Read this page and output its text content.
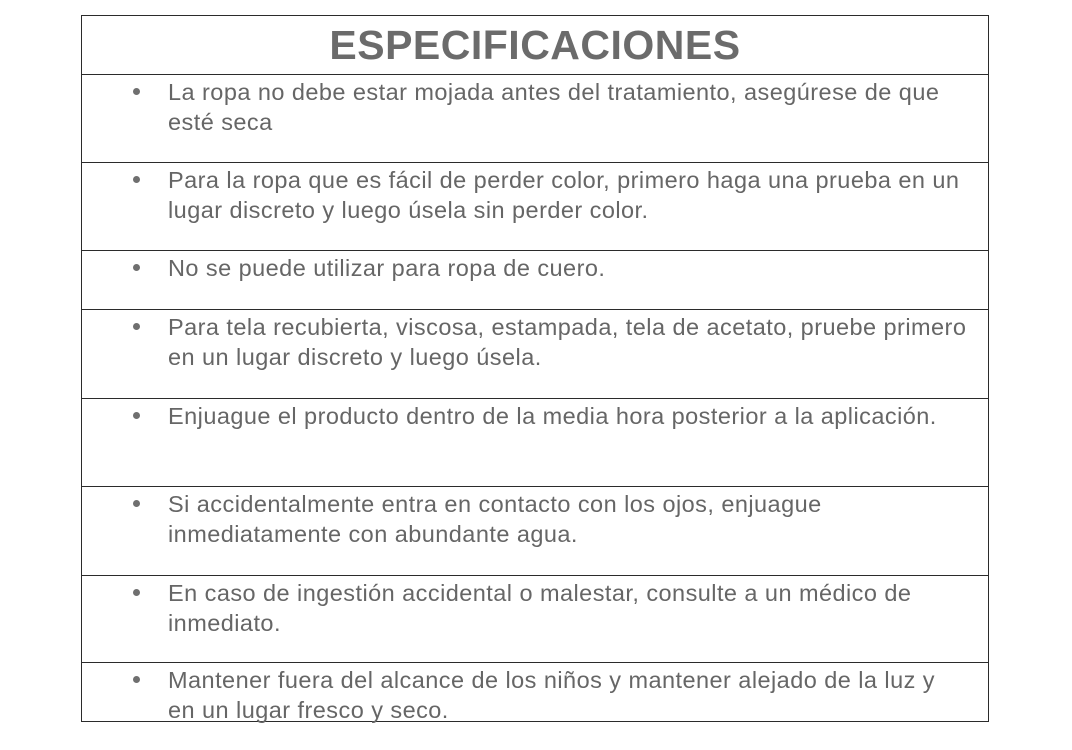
ESPECIFICACIONES
La ropa no debe estar mojada antes del tratamiento, asegúrese de que esté seca
Para la ropa que es fácil de perder color, primero haga una prueba en un lugar discreto y luego úsela sin perder color.
No se puede utilizar para ropa de cuero.
Para tela recubierta, viscosa, estampada, tela de acetato, pruebe primero en un lugar discreto y luego úsela.
Enjuague el producto dentro de la media hora posterior a la aplicación.
Si accidentalmente entra en contacto con los ojos, enjuague inmediatamente con abundante agua.
En caso de ingestión accidental o malestar, consulte a un médico de inmediato.
Mantener fuera del alcance de los niños y mantener alejado de la luz y en un lugar fresco y seco.
